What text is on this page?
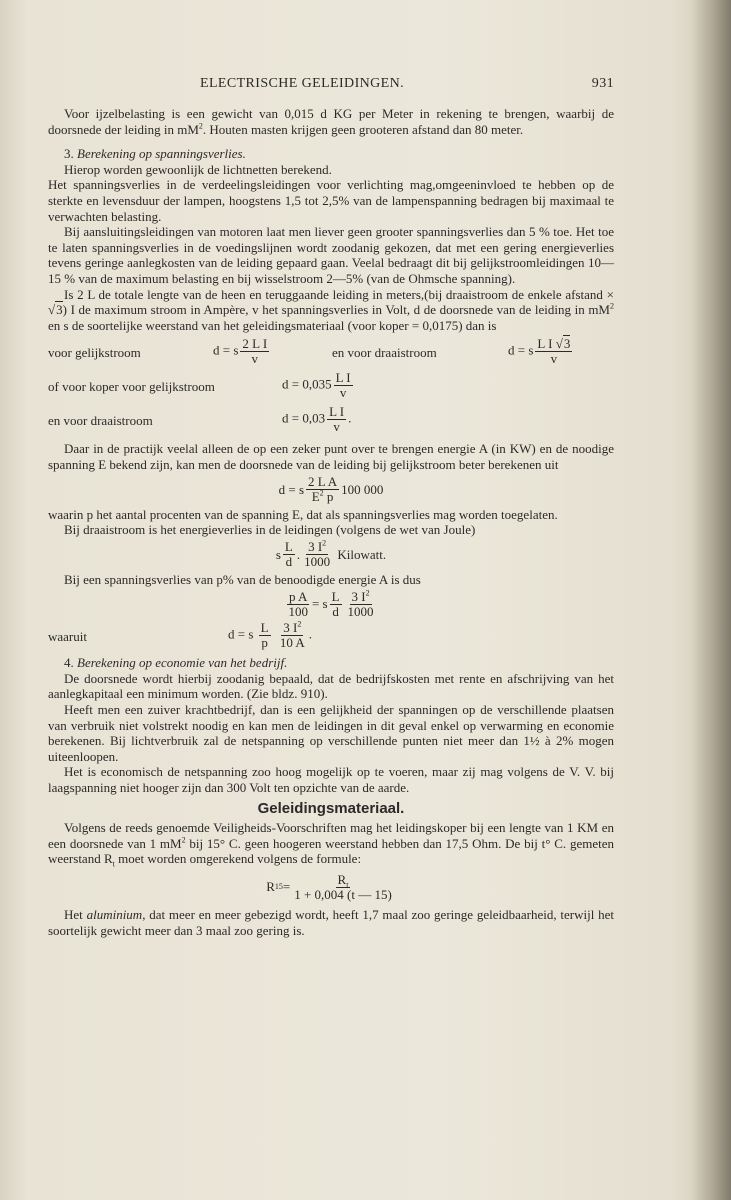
ELECTRISCHE GELEIDINGEN.	931

Voor ijzelbelasting is een gewicht van 0,015 d KG per Meter in rekening te brengen, waarbij de doorsnede der leiding in $mM^2$. Houten masten krijgen geen grooteren afstand dan 80 meter.

3. Berekening op spanningsverlies.

Hierop worden gewoonlijk de lichtnetten berekend.

Het spanningsverlies in de verdeelingsleidingen voor verlichting mag,omgeeninvloed te hebben op de sterkte en levensduur der lampen, hoogstens 1,5 tot 2,5% van de lampenspanning bedragen bij maximaal te verwachten belasting.

Bij aansluitingsleidingen van motoren laat men liever geen grooter spanningsverlies dan 5 % toe. Het toe te laten spanningsverlies in de voedingslijnen wordt zoodanig gekozen, dat met een gering energieverlies tevens geringe aanlegkosten van de leiding gepaard gaan. Veelal bedraagt dit bij gelijkstroomleidingen 10—15 % van de maximum belasting en bij wisselstroom 2—5% (van de Ohmsche spanning).

Is 2 L de totale lengte van de heen en teruggaande leiding in meters,(bij draaistroom de enkele afstand × √3) I de maximum stroom in Ampère, v het spanningsverlies in Volt, d de doorsnede van de leiding in $mM^2$ en s de soortelijke weerstand van het geleidingsmateriaal (voor koper = 0,0175) dan is

voor gelijkstroom	d = s $\frac{\text{2 L I}}{v}$	en voor draaistroom	d = s $\frac{\text{L I √3}}{v}$
of voor koper voor gelijkstroom	$d = 0,035 \frac{\text{L I}}{v}$
en voor draaistroom	$d = 0,03 \frac{\text{L I}}{v}$ .

Daar in de practijk veelal alleen de op een zeker punt over te brengen energie A (in KW) en de noodige spanning E bekend zijn, kan men de doorsnede van de leiding bij gelijkstroom beter berekenen uit

d = s $\frac{\text{2 L A}}{E^2 p} 100$ 000

waarin p het aantal procenten van de spanning E, dat als spanningsverlies mag worden toegelaten.

Bij draaistroom is het energieverlies in de leidingen (volgens de wet van Joule)

s $\frac{L}{d}$ . $\frac{3 I^2}{1000}$
Kilowatt.

Bij een spanningsverlies van p% van de benoodigde energie A is dus

$\frac{\text{p A}}{100} = s \frac{L}{d} \frac{3 I^2}{1000}$
waaruit	d = s $\frac{L}{p}$
$\frac{3 I^2}{10 A}$ .

4. Berekening op economie van het bedrijf.

De doorsnede wordt hierbij zoodanig bepaald, dat de bedrijfskosten met rente en afschrijving van het aanlegkapitaal een minimum worden. (Zie bldz. 910).

Heeft men een zuiver krachtbedrijf, dan is een gelijkheid der spanningen op de verschillende plaatsen van verbruik niet volstrekt noodig en kan men de leidingen in dit geval enkel op verwarming en economie berekenen. Bij lichtverbruik zal de netspanning op verschillende punten niet meer dan 1½ à 2% mogen uiteenloopen.

Het is economisch de netspanning zoo hoog mogelijk op te voeren, maar zij mag volgens de V. V. bij laagspanning niet hooger zijn dan 300 Volt ten opzichte van de aarde.

Geleidingsmateriaal.

Volgens de reeds genoemde Veiligheids-Voorschriften mag het leidingskoper bij een lengte van 1 KM en een doorsnede van 1 $mM^2$ bij 15° C. geen hoogeren weerstand hebben dan 17,5 Ohm. De bij t° C. gemeten weerstand $R_t$ moet worden omgerekend volgens de formule:

R $15 = \frac{R_t}{1 + 0,004 (t — 15)}$

Het aluminium, dat meer en meer gebezigd wordt, heeft 1,7 maal zoo geringe geleidbaarheid, terwijl het soortelijk gewicht meer dan 3 maal zoo gering is.
